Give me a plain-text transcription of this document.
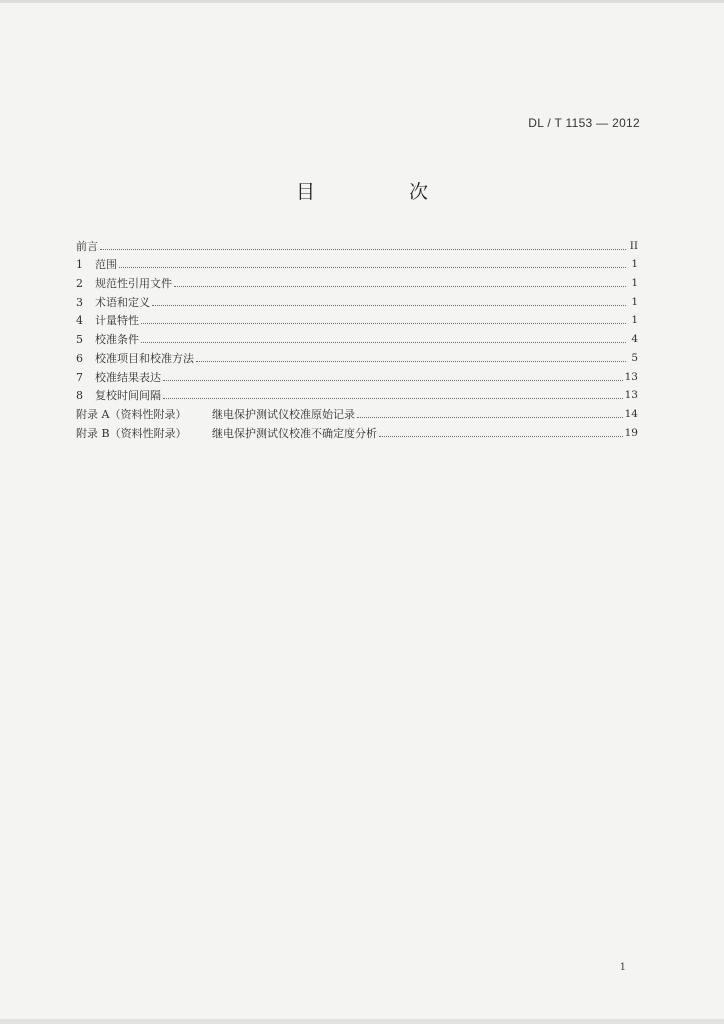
DL / T 1153 — 2012
目 次
前言	II
1	范围	1
2	规范性引用文件	1
3	术语和定义	1
4	计量特性	1
5	校准条件	4
6	校准项目和校准方法	5
7	校准结果表达	13
8	复校时间间隔	13
附录 A（资料性附录）	继电保护测试仪校准原始记录	14
附录 B（资料性附录）	继电保护测试仪校准不确定度分析	19
1
